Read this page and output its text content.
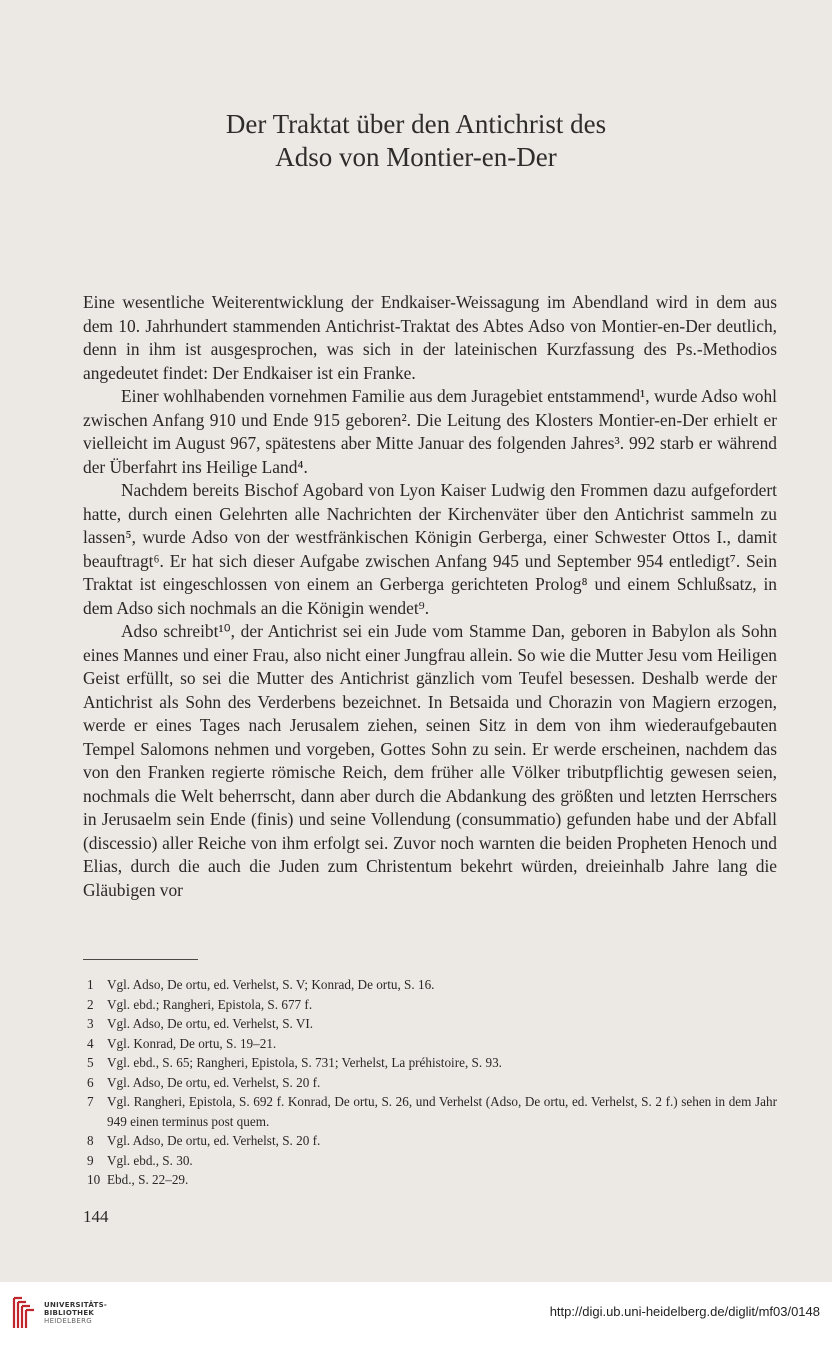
Der Traktat über den Antichrist des
Adso von Montier-en-Der

Eine wesentliche Weiterentwicklung der Endkaiser-Weissagung im Abendland wird in dem aus dem 10. Jahrhundert stammenden Antichrist-Traktat des Abtes Adso von Montier-en-Der deutlich, denn in ihm ist ausgesprochen, was sich in der lateinischen Kurzfassung des Ps.-Methodios angedeutet findet: Der Endkaiser ist ein Franke.

Einer wohlhabenden vornehmen Familie aus dem Juragebiet entstammend¹, wurde Adso wohl zwischen Anfang 910 und Ende 915 geboren². Die Leitung des Klosters Montier-en-Der erhielt er vielleicht im August 967, spätestens aber Mitte Januar des folgenden Jahres³. 992 starb er während der Überfahrt ins Heilige Land⁴.

Nachdem bereits Bischof Agobard von Lyon Kaiser Ludwig den Frommen dazu aufgefordert hatte, durch einen Gelehrten alle Nachrichten der Kirchenväter über den Antichrist sammeln zu lassen⁵, wurde Adso von der westfränkischen Königin Gerberga, einer Schwester Ottos I., damit beauftragt⁶. Er hat sich dieser Aufgabe zwischen Anfang 945 und September 954 entledigt⁷. Sein Traktat ist eingeschlossen von einem an Gerberga gerichteten Prolog⁸ und einem Schlußsatz, in dem Adso sich nochmals an die Königin wendet⁹.

Adso schreibt¹⁰, der Antichrist sei ein Jude vom Stamme Dan, geboren in Babylon als Sohn eines Mannes und einer Frau, also nicht einer Jungfrau allein. So wie die Mutter Jesu vom Heiligen Geist erfüllt, so sei die Mutter des Antichrist gänzlich vom Teufel besessen. Deshalb werde der Antichrist als Sohn des Verderbens bezeichnet. In Betsaida und Chorazin von Magiern erzogen, werde er eines Tages nach Jerusalem ziehen, seinen Sitz in dem von ihm wiederaufgebauten Tempel Salomons nehmen und vorgeben, Gottes Sohn zu sein. Er werde erscheinen, nachdem das von den Franken regierte römische Reich, dem früher alle Völker tributpflichtig gewesen seien, nochmals die Welt beherrscht, dann aber durch die Abdankung des größten und letzten Herrschers in Jerusaelm sein Ende (finis) und seine Vollendung (consummatio) gefunden habe und der Abfall (discessio) aller Reiche von ihm erfolgt sei. Zuvor noch warnten die beiden Propheten Henoch und Elias, durch die auch die Juden zum Christentum bekehrt würden, dreieinhalb Jahre lang die Gläubigen vor

1	Vgl. Adso, De ortu, ed. Verhelst, S. V; Konrad, De ortu, S. 16.
2	Vgl. ebd.; Rangheri, Epistola, S. 677 f.
3	Vgl. Adso, De ortu, ed. Verhelst, S. VI.
4	Vgl. Konrad, De ortu, S. 19–21.
5	Vgl. ebd., S. 65; Rangheri, Epistola, S. 731; Verhelst, La préhistoire, S. 93.
6	Vgl. Adso, De ortu, ed. Verhelst, S. 20 f.
7	Vgl. Rangheri, Epistola, S. 692 f. Konrad, De ortu, S. 26, und Verhelst (Adso, De ortu, ed. Verhelst, S. 2 f.) sehen in dem Jahr 949 einen terminus post quem.
8	Vgl. Adso, De ortu, ed. Verhelst, S. 20 f.
9	Vgl. ebd., S. 30.
10 Ebd., S. 22–29.
144
UNIVERSITÄTS-
BIBLIOTHEK
HEIDELBERG
http://digi.ub.uni-heidelberg.de/diglit/mf03/0148
